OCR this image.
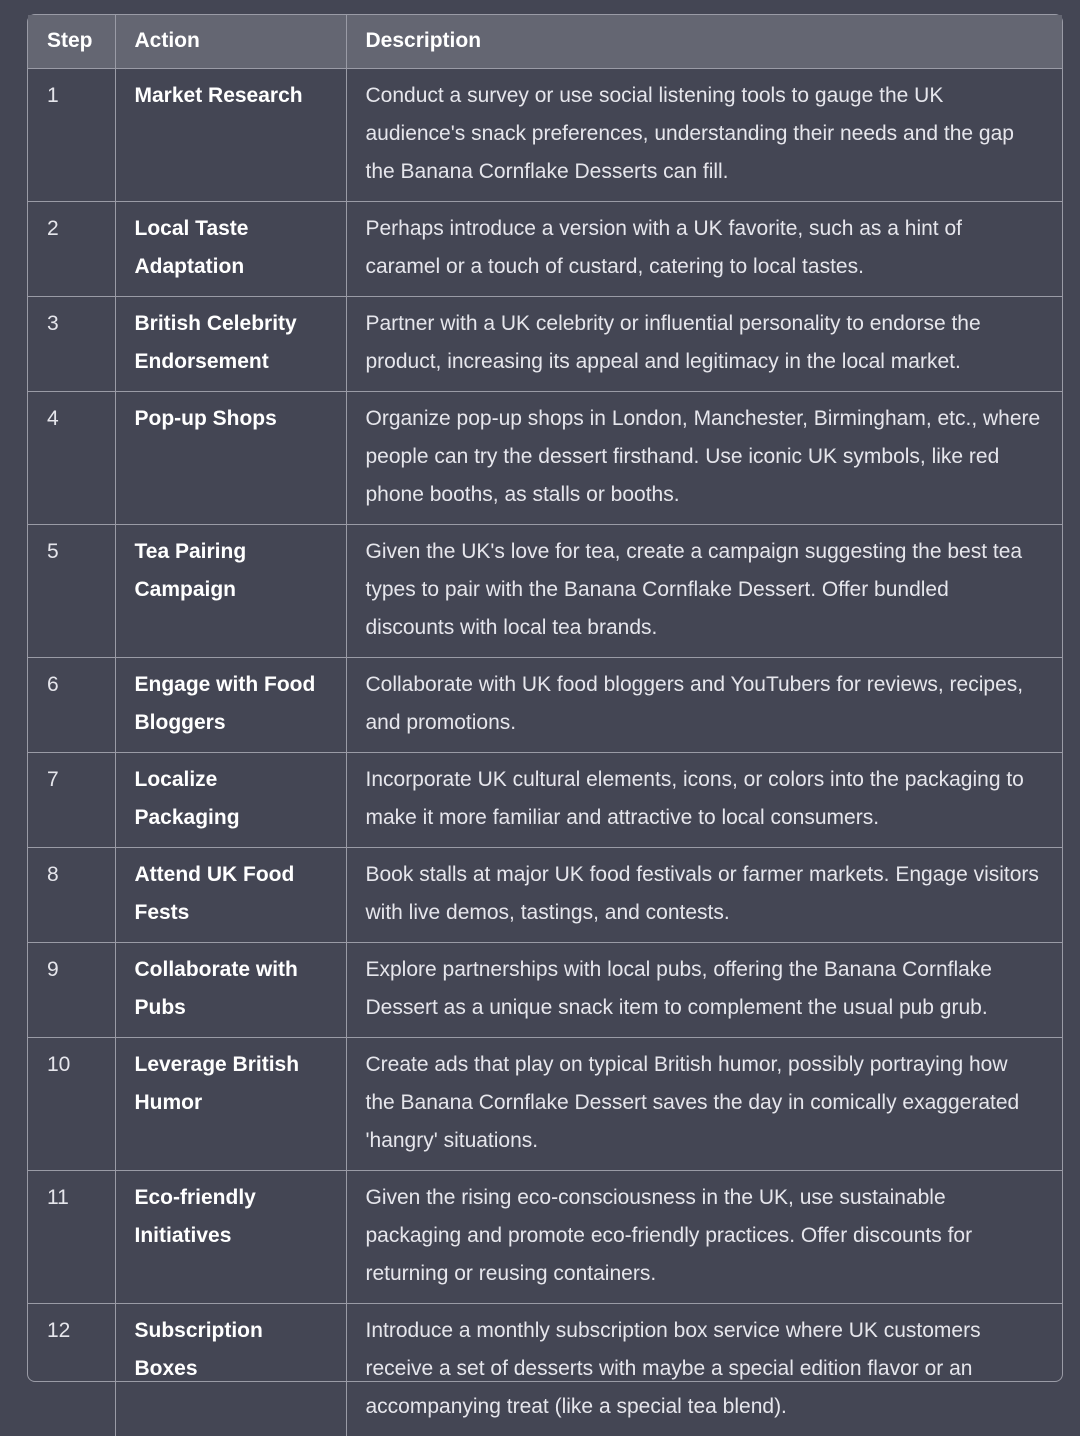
Step	Action	Description
1	Market Research	Conduct a survey or use social listening tools to gauge the UK audience's snack preferences, understanding their needs and the gap the Banana Cornflake Desserts can fill.
2	Local Taste Adaptation	Perhaps introduce a version with a UK favorite, such as a hint of caramel or a touch of custard, catering to local tastes.
3	British Celebrity Endorsement	Partner with a UK celebrity or influential personality to endorse the product, increasing its appeal and legitimacy in the local market.
4	Pop-up Shops	Organize pop-up shops in London, Manchester, Birmingham, etc., where people can try the dessert firsthand. Use iconic UK symbols, like red phone booths, as stalls or booths.
5	Tea Pairing Campaign	Given the UK's love for tea, create a campaign suggesting the best tea types to pair with the Banana Cornflake Dessert. Offer bundled discounts with local tea brands.
6	Engage with Food Bloggers	Collaborate with UK food bloggers and YouTubers for reviews, recipes, and promotions.
7	Localize Packaging	Incorporate UK cultural elements, icons, or colors into the packaging to make it more familiar and attractive to local consumers.
8	Attend UK Food Fests	Book stalls at major UK food festivals or farmer markets. Engage visitors with live demos, tastings, and contests.
9	Collaborate with Pubs	Explore partnerships with local pubs, offering the Banana Cornflake Dessert as a unique snack item to complement the usual pub grub.
10	Leverage British Humor	Create ads that play on typical British humor, possibly portraying how the Banana Cornflake Dessert saves the day in comically exaggerated 'hangry' situations.
11	Eco-friendly Initiatives	Given the rising eco-consciousness in the UK, use sustainable packaging and promote eco-friendly practices. Offer discounts for returning or reusing containers.
12	Subscription Boxes	Introduce a monthly subscription box service where UK customers receive a set of desserts with maybe a special edition flavor or an accompanying treat (like a special tea blend).
